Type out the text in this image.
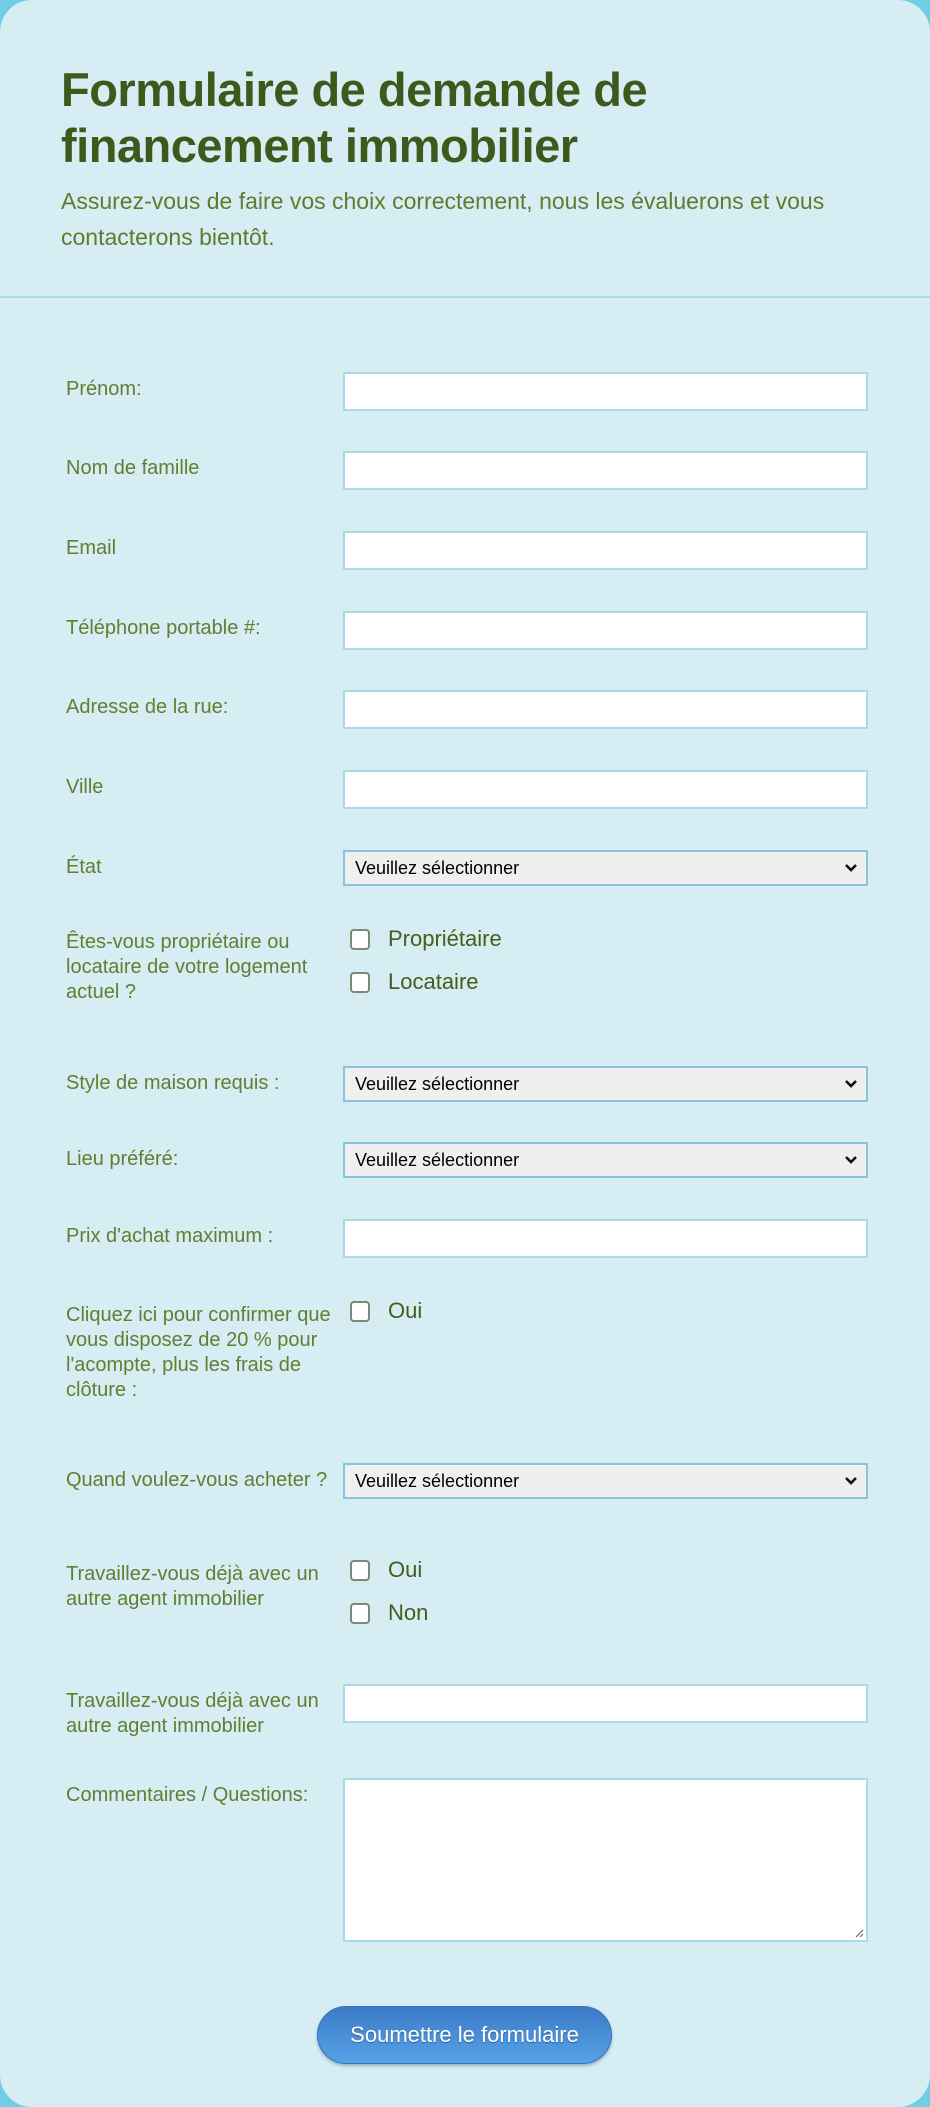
Formulaire de demande de financement immobilier

Assurez-vous de faire vos choix correctement, nous les évaluerons et vous contacterons bientôt.

Prénom:
Nom de famille
Email
Téléphone portable #:
Adresse de la rue:
Ville
État	Veuillez sélectionner
Êtes-vous propriétaire ou locataire de votre logement actuel ?
Propriétaire
Locataire
Style de maison requis :	Veuillez sélectionner
Lieu préféré:	Veuillez sélectionner
Prix d'achat maximum :
Cliquez ici pour confirmer que vous disposez de 20 % pour l'acompte, plus les frais de clôture :
Oui
Quand voulez-vous acheter ?	Veuillez sélectionner
Travaillez-vous déjà avec un autre agent immobilier
Oui
Non
Travaillez-vous déjà avec un autre agent immobilier
Commentaires / Questions:
Soumettre le formulaire
